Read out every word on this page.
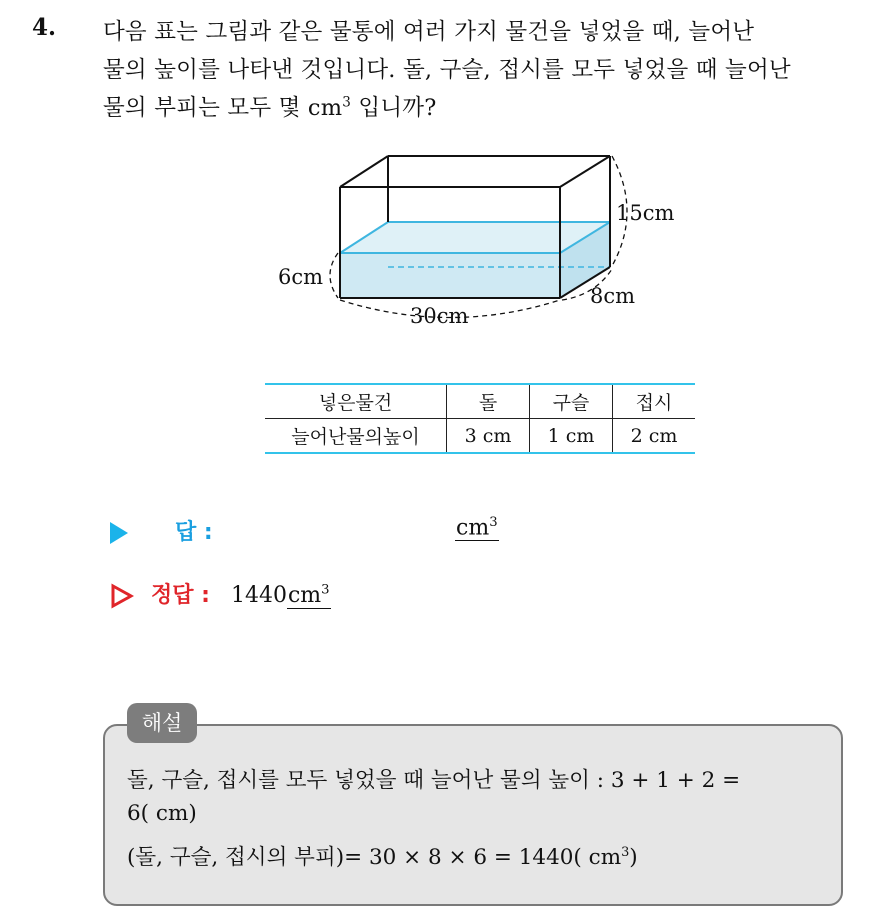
4. 다음 표는 그림과 같은 물통에 여러 가지 물건을 넣었을 때, 늘어난
물의 높이를 나타낸 것입니다. 돌, 구슬, 접시를 모두 넣었을 때 늘어난
물의 부피는 모두 몇 $cm^3$ 입니까?
15cm
6cm
30cm
8cm
넣은물건	돌	구슬	접시
늘어난물의높이	3 cm	1 cm	2 cm
답 :	$cm^3$
정답 : $1440cm^3$
해설
돌, 구슬, 접시를 모두 넣었을 때 늘어난 물의 높이 : 3 + 1 + 2 =
6( cm)
(돌, 구슬, 접시의 부피)= 30 × 8 × 6 = 1440( $cm^3$)
